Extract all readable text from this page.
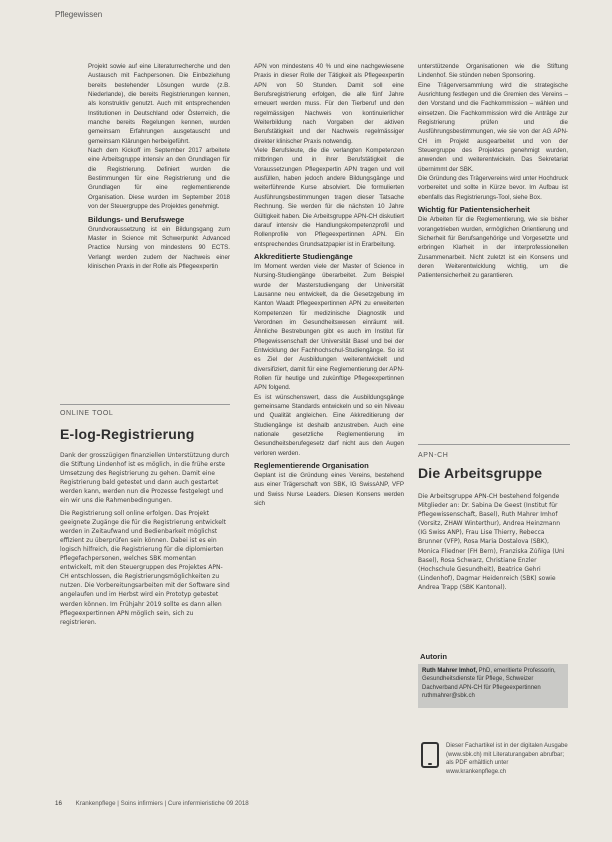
Pflegewissen

Projekt sowie auf eine Literaturrecherche und den Austausch mit Fachpersonen. Die Einbeziehung bereits bestehender Lösungen wurde (z.B. Niederlande), die bereits Registrierungen kennen, als konstruktiv genutzt. Auch mit entsprechenden Institutionen in Deutschland oder Österreich, die manche bereits Regelungen kennen, wurden gemeinsam Erfahrungen ausgetauscht und gemeinsam Klärungen herbeigeführt.

Nach dem Kickoff im September 2017 arbeitete eine Arbeitsgruppe intensiv an den Grundlagen für die Registrierung. Definiert wurden die Bestimmungen für eine Registrierung und die Grundlagen für eine reglementierende Organisation. Diese wurden im September 2018 von der Steuergruppe des Projektes genehmigt.

Bildungs- und Berufswege

Grundvoraussetzung ist ein Bildungsgang zum Master in Science mit Schwerpunkt Advanced Practice Nursing von mindestens 90 ECTS. Verlangt werden zudem der Nachweis einer klinischen Praxis in der Rolle als Pflegeexpertin

ONLINE TOOL
E-log-Registrierung

Dank der grosszügigen finanziellen Unterstützung durch die Stiftung Lindenhof ist es möglich, in die frühe erste Umsetzung des Registrierung zu gehen. Damit eine Registrierung bald getestet und dann auch gestartet werden kann, werden nun die Prozesse festgelegt und ein wir uns die Rahmenbedingungen.

Die Registrierung soll online erfolgen. Das Projekt geeignete Zugänge die für die Registrierung entwickelt werden in Zeitaufwand und Bedienbarkeit möglichst effizient zu überprüfen sein können. Dabei ist es ein logisch hilfreich, die Registrierung für die diplomierten Pflegefachpersonen, welches SBK momentan entwickelt, mit den Steuergruppen des Projektes APN-CH entschlossen, die Registrierungsmöglichkeiten zu nutzen. Die Vorbereitungsarbeiten mit der Software sind angelaufen und im Herbst wird ein Prototyp getestet werden können. Im Frühjahr 2019 sollte es dann allen Pflegeexpertinnen APN möglich sein, sich zu registrieren.

APN von mindestens 40 % und eine nachgewiesene Praxis in dieser Rolle der Tätigkeit als Pflegeexpertin APN von 50 Stunden. Damit soll eine Berufsregistrierung erfolgen, die alle fünf Jahre erneuert werden muss. Für den Tierberuf und den regelmässigen Nachweis von kontinuierlicher Weiterbildung nach Vorgaben der aktiven Berufstätigkeit und der Nachweis regelmässiger direkter klinischer Praxis notwendig.

Viele Berufsleute, die die verlangten Kompetenzen mitbringen und in ihrer Berufstätigkeit die Voraussetzungen Pflegexpertin APN tragen und voll ausfüllen, haben jedoch andere Bildungsgänge und weiterführende Kurse absolviert. Die formulierten Ausführungsbestimmungen tragen dieser Tatsache Rechnung. Sie werden für die nächsten 10 Jahre Gültigkeit haben. Die Arbeitsgruppe APN-CH diskutiert darauf intensiv die Handlungskompetenzprofil und Rollenprofile von Pflegeexpertinnen APN. Ein entsprechendes Grundsatzpapier ist in Erarbeitung.

Akkreditierte Studiengänge

Im Moment werden viele der Master of Science in Nursing-Studiengänge überarbeitet. Zum Beispiel wurde der Masterstudiengang der Universität Lausanne neu entwickelt, da die Gesetzgebung im Kanton Waadt Pflegeexpertinnen APN zu erweiterten Kompetenzen für medizinische Diagnostik und Verordnen im Gesundheitswesen einräumt will. Ähnliche Bestrebungen gibt es auch im Institut für Pflegewissenschaft der Universität Basel und bei der Entwicklung der Fachhochschul-Studiengänge. So ist es Ziel der Ausbildungen weiterentwickelt und diversifiziert, damit für eine Reglementierung der APN-Rollen für heutige und zukünftige Pflegeexpertinnen APN folgend.

Es ist wünschenswert, dass die Ausbildungsgänge gemeinsame Standards entwickeln und so ein Niveau und Qualität angleichen. Eine Akkreditierung der Studiengänge ist deshalb anzustreben. Auch eine nationale gesetzliche Reglementierung im Gesundheitsberufegesetz darf nicht aus den Augen verloren werden.

Reglementierende Organisation

Geplant ist die Gründung eines Vereins, bestehend aus einer Trägerschaft von SBK, IG SwissANP, VFP und Swiss Nurse Leaders. Diesen Konsens werden sich

unterstützende Organisationen wie die Stiftung Lindenhof. Sie stünden neben Sponsoring.

Eine Trägerversammlung wird die strategische Ausrichtung festlegen und die Gremien des Vereins – den Vorstand und die Fachkommission – wählen und einsetzen. Die Fachkommission wird die Anträge zur Registrierung prüfen und die Ausführungsbestimmungen, wie sie von der AG APN-CH im Projekt ausgearbeitet und von der Steuergruppe des Projektes genehmigt wurden, anwenden und weiterentwickeln. Das Sekretariat übernimmt der SBK.

Die Gründung des Trägervereins wird unter Hochdruck vorbereitet und sollte in Kürze bevor. Im Aufbau ist ebenfalls das Registrierungs-Tool, siehe Box.

Wichtig für Patientensicherheit

Die Arbeiten für die Reglementierung, wie sie bisher vorangetrieben wurden, ermöglichen Orientierung und Sicherheit für Berufsangehörige und Vorgesetzte und erbringen Klarheit in der interprofessionellen Zusammenarbeit. Nicht zuletzt ist ein Konsens und deren Weiterentwicklung wichtig, um die Patientensicherheit zu garantieren.

APN-CH
Die Arbeitsgruppe

Die Arbeitsgruppe APN-CH bestehend folgende Mitglieder an: Dr. Sabina De Geest (Institut für Pflegewissenschaft, Basel), Ruth Mahrer Imhof (Vorsitz, ZHAW Winterthur), Andrea Heinzmann (IG Swiss ANP), Frau Lise Thierry, Rebecca Brunner (VFP), Rosa Maria Dostalova (SBK), Monica Fliedner (FH Bern), Franziska Zúñiga (Uni Basel), Rosa Schwarz, Christiane Enzler (Hochschule Gesundheit), Beatrice Gehri (Lindenhof), Dagmar Heidenreich (SBK) sowie Andrea Trapp (SBK Kantonal).

Autorin
Ruth Mahrer Imhof, PhD, emeritierte Professorin, Gesundheitsdienste für Pflege, Schweizer Dachverband APN-CH für Pflegeexpertinnen ruthmahrer@sbk.ch
Dieser Fachartikel ist in der digitalen Ausgabe (www.sbk.ch) mit Literaturangaben abrufbar; als PDF erhältlich unter www.krankenpflege.ch
16 Krankenpflege | Soins infirmiers | Cure infermieristiche 09 2018
